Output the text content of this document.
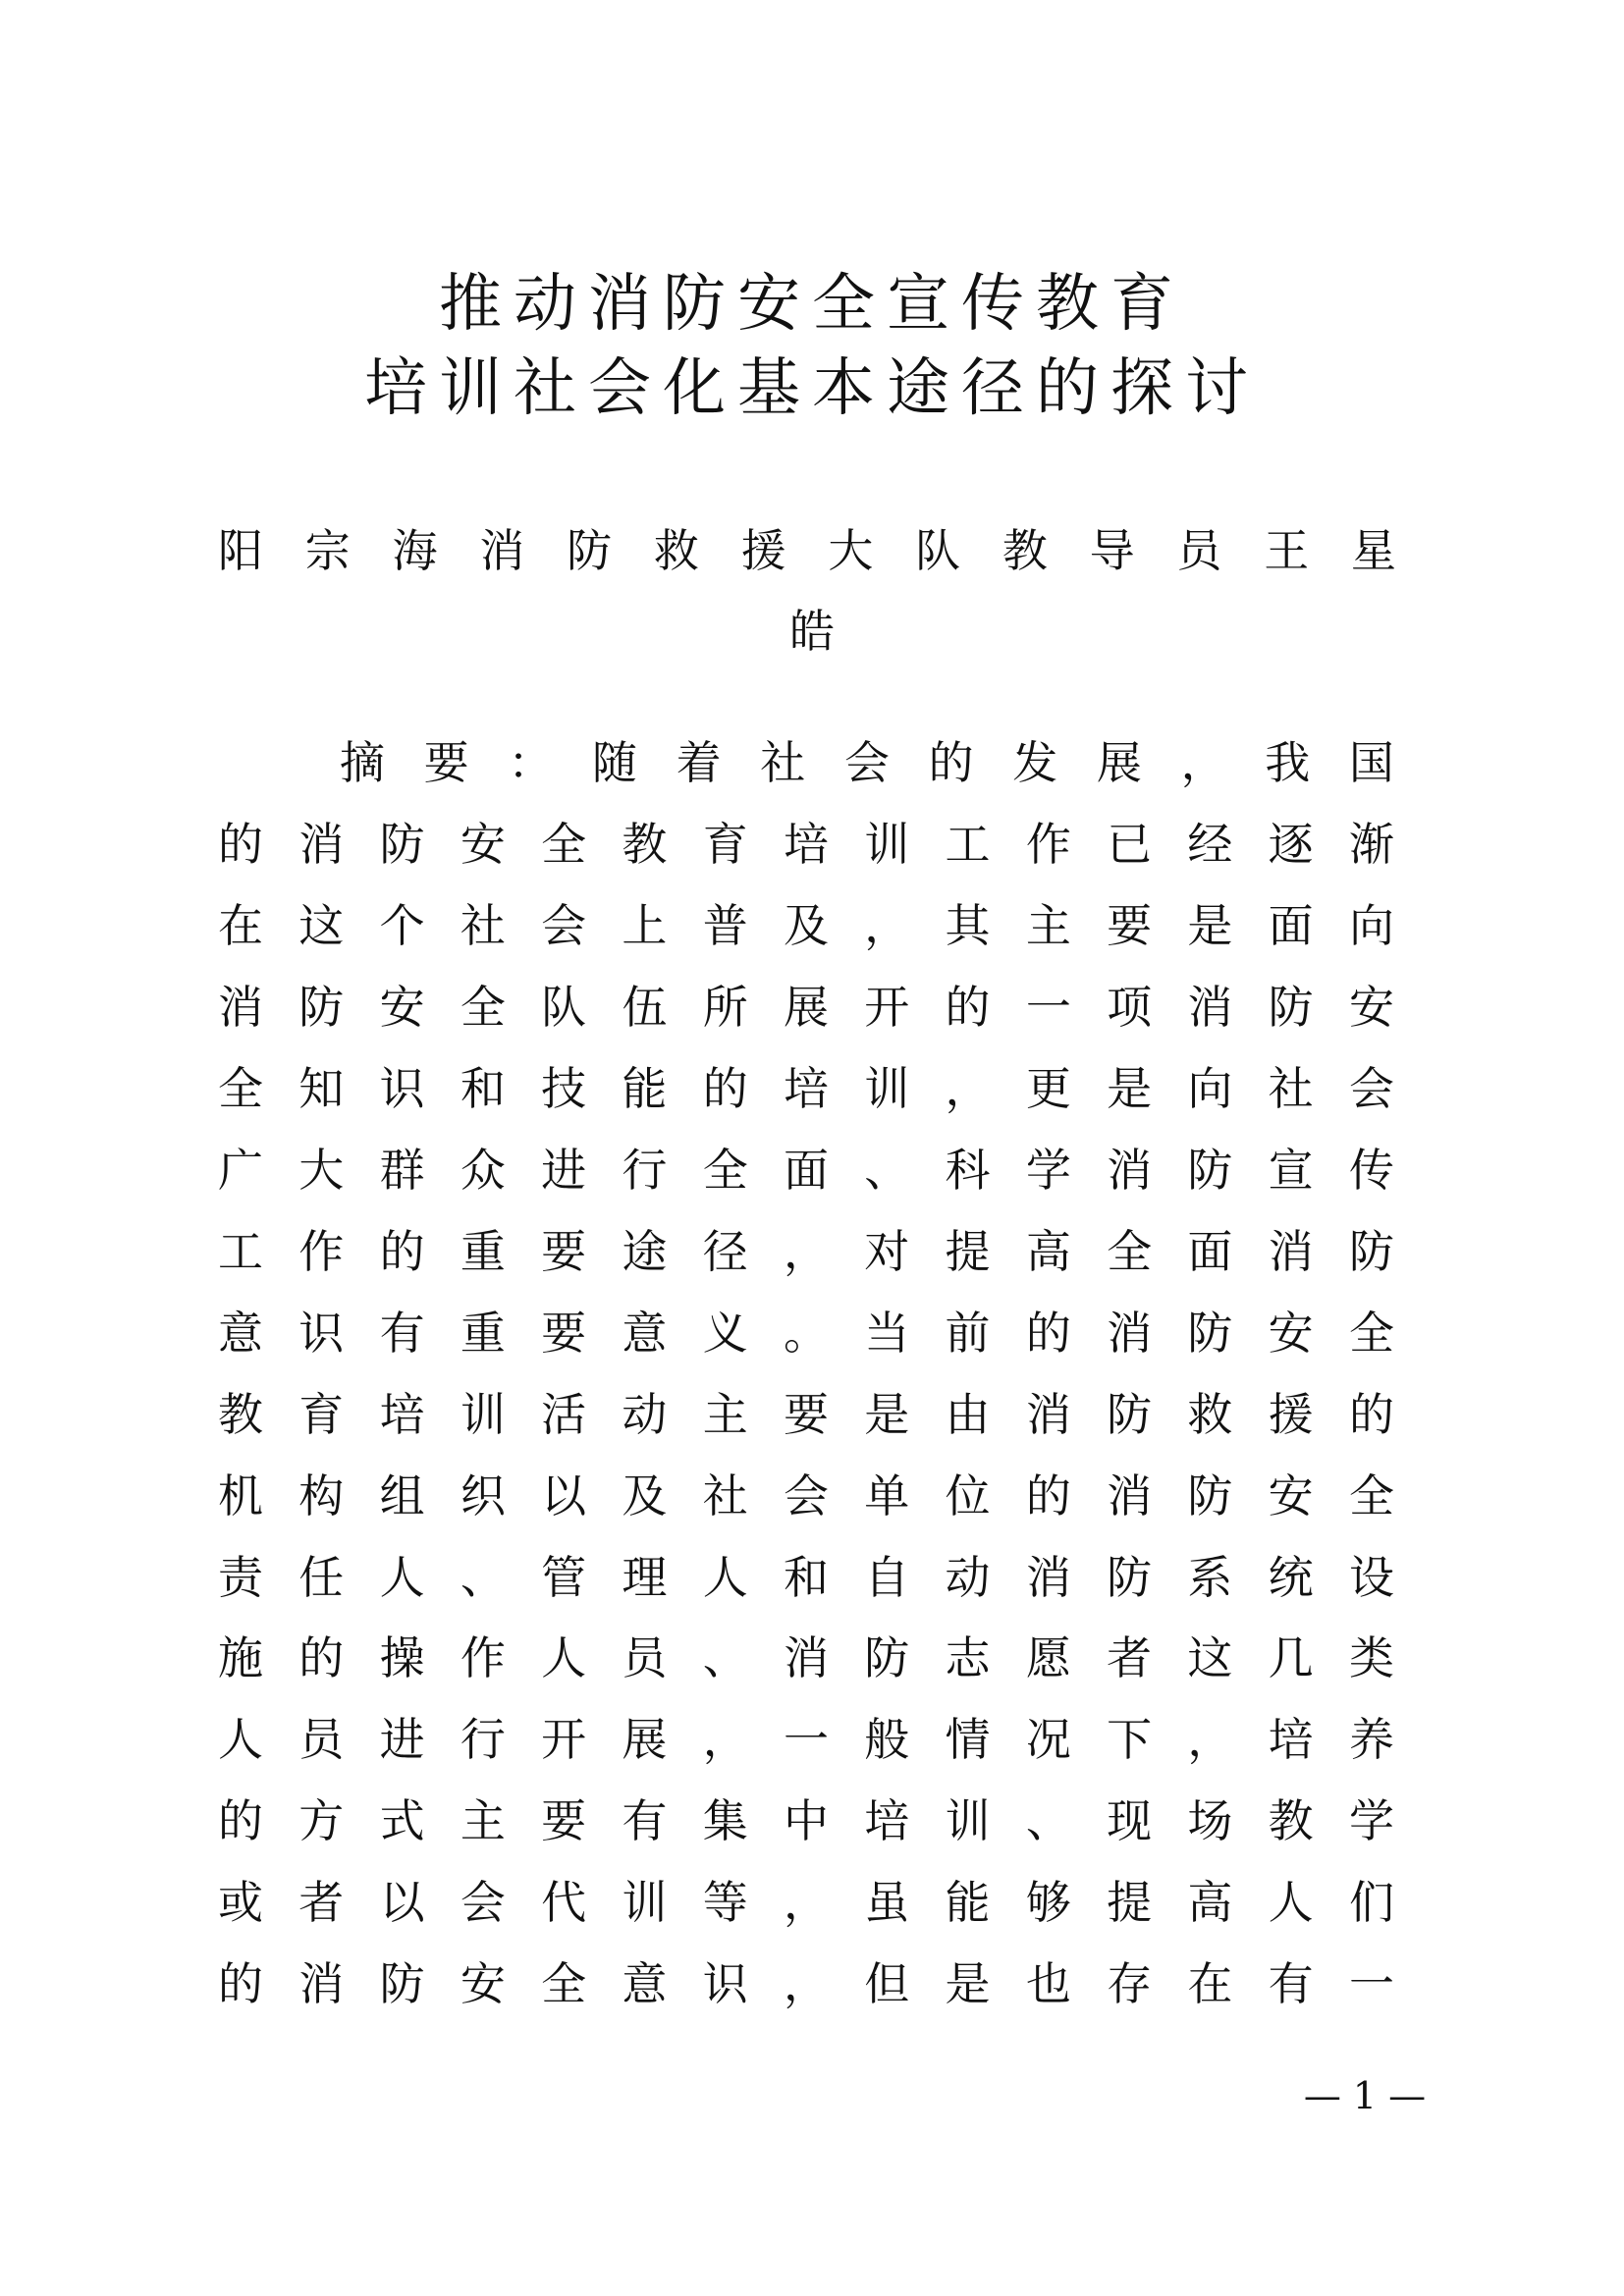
推动消防安全宣传教育
培训社会化基本途径的探讨
阳 宗 海 消 防 救 援 大 队 教 导 员 王 星
皓
摘 要 ： 随 着 社 会 的 发 展 ， 我 国
的 消 防 安 全 教 育 培 训 工 作 已 经 逐 渐
在 这 个 社 会 上 普 及 ， 其 主 要 是 面 向
消 防 安 全 队 伍 所 展 开 的 一 项 消 防 安
全 知 识 和 技 能 的 培 训 ， 更 是 向 社 会
广 大 群 众 进 行 全 面 、 科 学 消 防 宣 传
工 作 的 重 要 途 径 ， 对 提 高 全 面 消 防
意 识 有 重 要 意 义 。 当 前 的 消 防 安 全
教 育 培 训 活 动 主 要 是 由 消 防 救 援 的
机 构 组 织 以 及 社 会 单 位 的 消 防 安 全
责 任 人 、 管 理 人 和 自 动 消 防 系 统 设
施 的 操 作 人 员 、 消 防 志 愿 者 这 几 类
人 员 进 行 开 展 ， 一 般 情 况 下 ， 培 养
的 方 式 主 要 有 集 中 培 训 、 现 场 教 学
或 者 以 会 代 训 等 ， 虽 能 够 提 高 人 们
的 消 防 安 全 意 识 ， 但 是 也 存 在 有 一
— 1 —
